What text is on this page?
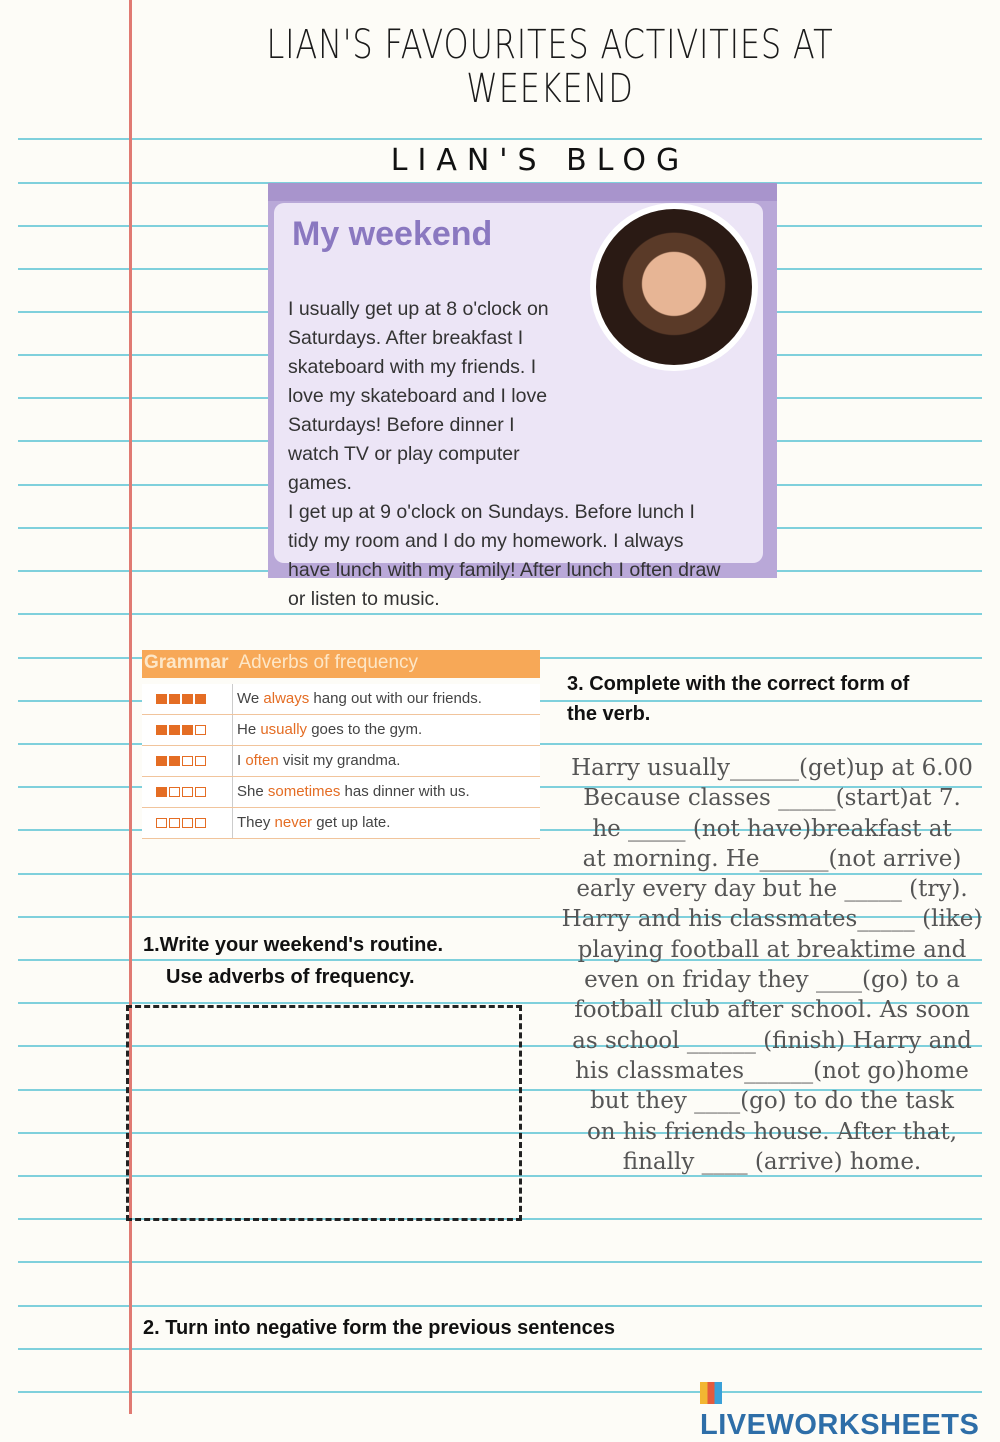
LIAN'S FAVOURITES ACTIVITIES AT
WEEKEND
LIAN'S BLOG
My weekend

I usually get up at 8 o'clock on Saturdays. After breakfast I skateboard with my friends. I love my skateboard and I love Saturdays! Before dinner I watch TV or play computer games.

I get up at 9 o'clock on Sundays. Before lunch I tidy my room and I do my homework. I always have lunch with my family! After lunch I often draw or listen to music.

Grammar Adverbs of frequency
We always hang out with our friends.
He usually goes to the gym.
I often visit my grandma.
She sometimes has dinner with us.
They never get up late.
1.Write your weekend's routine.
Use adverbs of frequency.
2. Turn into negative form the previous sentences
3. Complete with the correct form of
the verb.
Harry usually______(get)up at 6.00
Because classes _____(start)at 7.
he _____ (not have)breakfast at
at morning. He______(not arrive)
early every day but he _____ (try).
Harry and his classmates_____ (like)
playing football at breaktime and
even on friday they ____(go) to a
football club after school. As soon
as school ______ (finish) Harry and
his classmates______(not go)home
but they ____(go) to do the task
on his friends house. After that,
finally ____ (arrive) home.
LIVEWORKSHEETS
